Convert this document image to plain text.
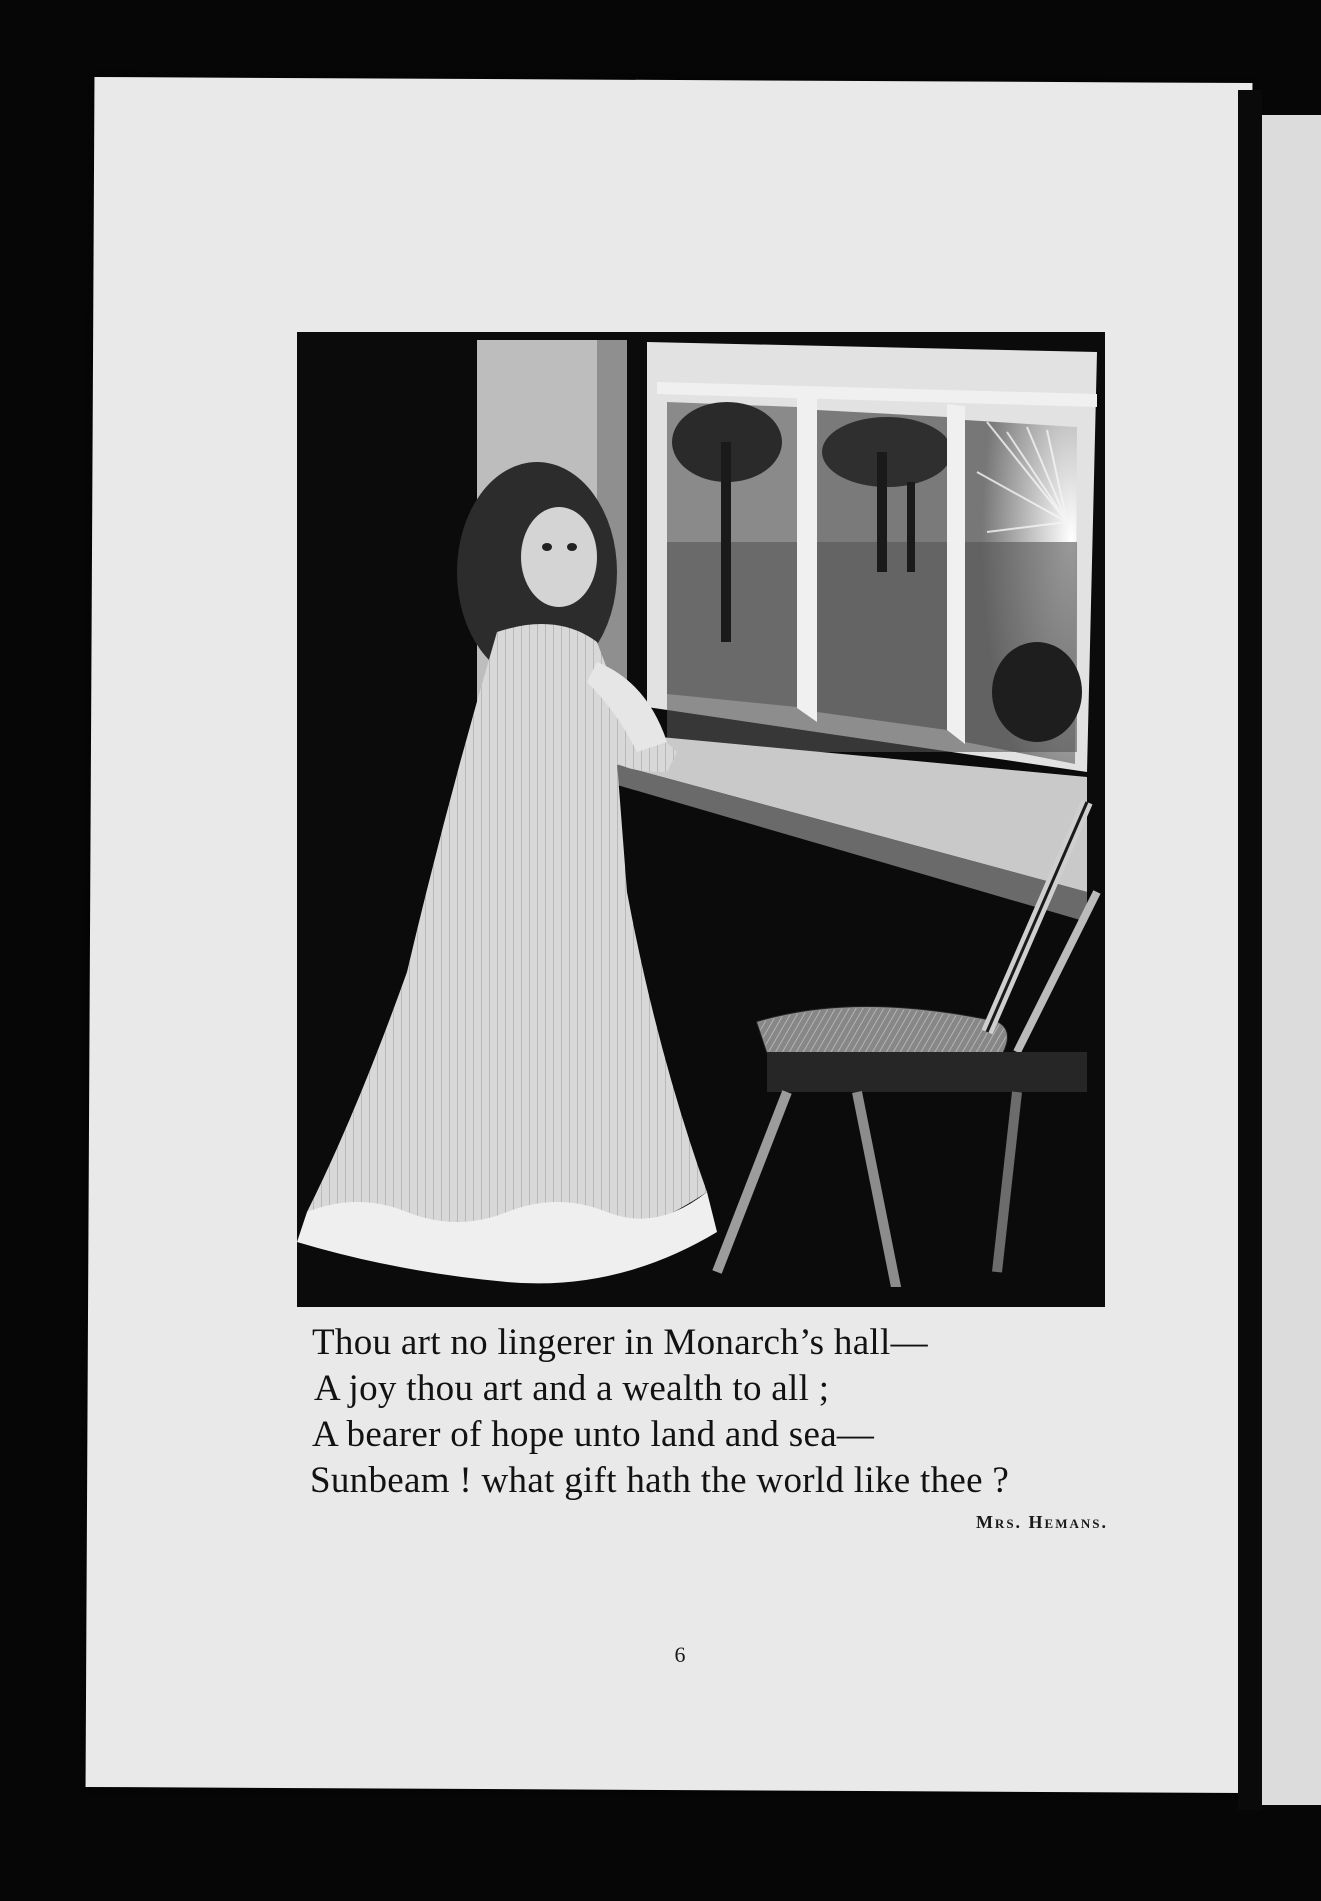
Thou art no lingerer in Monarch’s hall—
A joy thou art and a wealth to all ;
A bearer of hope unto land and sea—
Sunbeam ! what gift hath the world like thee ?
Mrs. Hemans.
6
